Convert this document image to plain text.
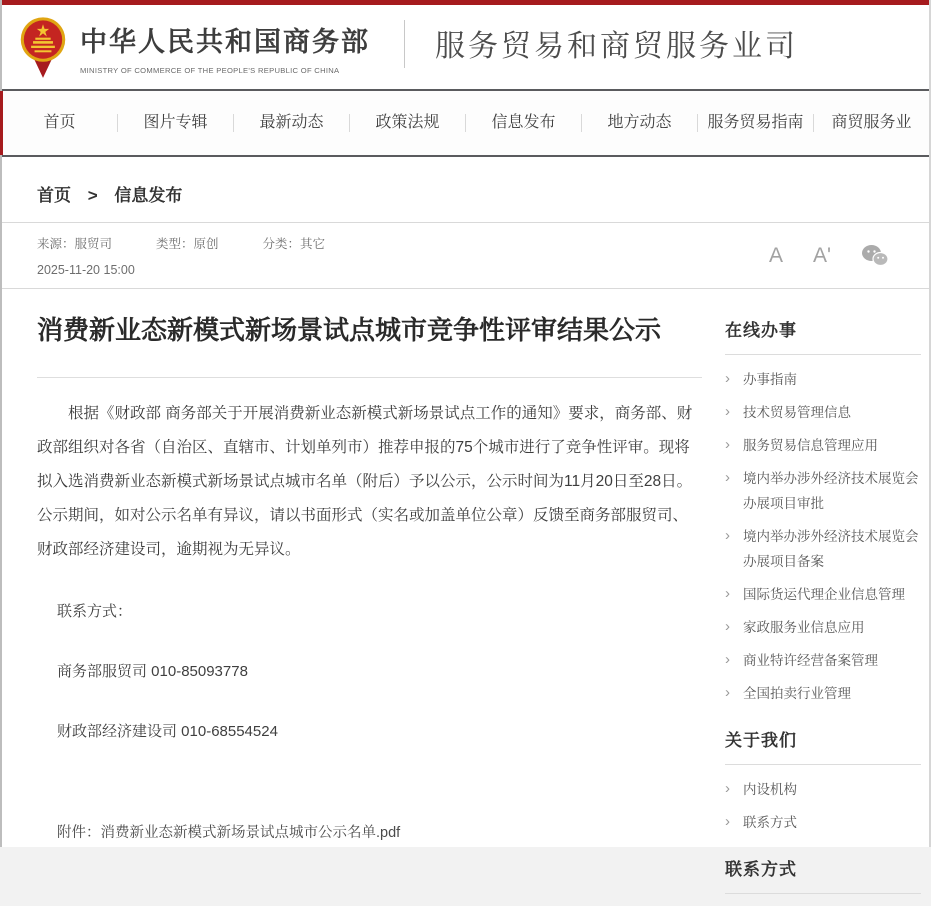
中华人民共和国商务部
MINISTRY OF COMMERCE OF THE PEOPLE'S REPUBLIC OF CHINA
服务贸易和商贸服务业司
首页	图片专辑	最新动态	政策法规	信息发布	地方动态	服务贸易指南	商贸服务业
首页 > 信息发布
来源：服贸司	类型：原创	分类：其它
2025-11-20 15:00
A A'
消费新业态新模式新场景试点城市竞争性评审结果公示

根据《财政部 商务部关于开展消费新业态新模式新场景试点工作的通知》要求，商务部、财政部组织对各省（自治区、直辖市、计划单列市）推荐申报的75个城市进行了竞争性评审。现将拟入选消费新业态新模式新场景试点城市名单（附后）予以公示，公示时间为11月20日至28日。公示期间，如对公示名单有异议，请以书面形式（实名或加盖单位公章）反馈至商务部服贸司、财政部经济建设司，逾期视为无异议。

联系方式：

商务部服贸司 010-85093778

财政部经济建设司 010-68554524

附件：消费新业态新模式新场景试点城市公示名单.pdf

在线办事
› 办事指南
› 技术贸易管理信息
› 服务贸易信息管理应用
› 境内举办涉外经济技术展览会办展项目审批
› 境内举办涉外经济技术展览会办展项目备案
› 国际货运代理企业信息管理
› 家政服务业信息应用
› 商业特许经营备案管理
› 全国拍卖行业管理
关于我们
› 内设机构
› 联系方式
联系方式
